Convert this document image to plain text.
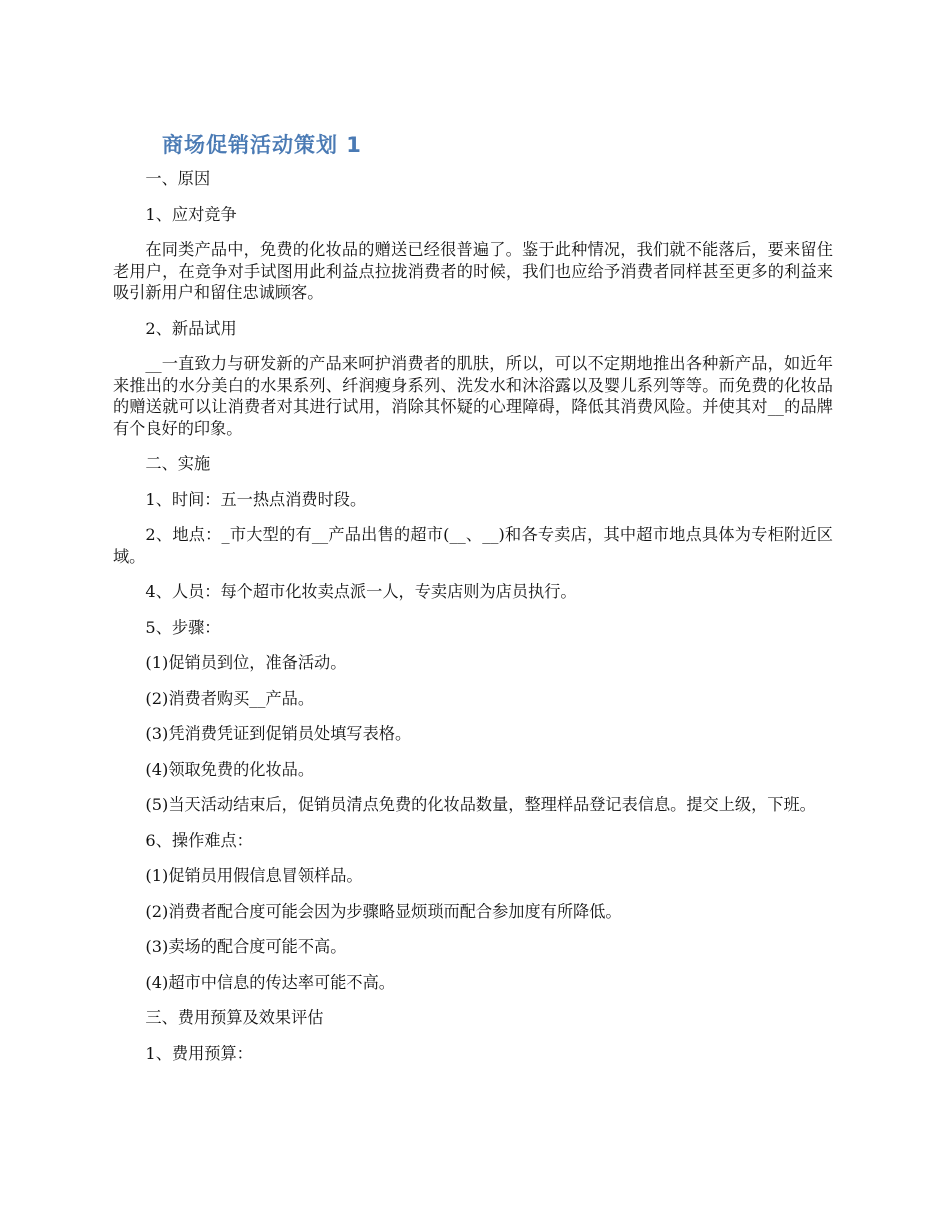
商场促销活动策划 1

一、原因

1、应对竞争

在同类产品中，免费的化妆品的赠送已经很普遍了。鉴于此种情况，我们就不能落后，要来留住老用户，在竞争对手试图用此利益点拉拢消费者的时候，我们也应给予消费者同样甚至更多的利益来吸引新用户和留住忠诚顾客。

2、新品试用

__一直致力与研发新的产品来呵护消费者的肌肤，所以，可以不定期地推出各种新产品，如近年来推出的水分美白的水果系列、纤润瘦身系列、洗发水和沐浴露以及婴儿系列等等。而免费的化妆品的赠送就可以让消费者对其进行试用，消除其怀疑的心理障碍，降低其消费风险。并使其对__的品牌有个良好的印象。

二、实施

1、时间：五一热点消费时段。

2、地点：_市大型的有__产品出售的超市(__、__)和各专卖店，其中超市地点具体为专柜附近区域。

4、人员：每个超市化妆卖点派一人，专卖店则为店员执行。

5、步骤：

(1)促销员到位，准备活动。

(2)消费者购买__产品。

(3)凭消费凭证到促销员处填写表格。

(4)领取免费的化妆品。

(5)当天活动结束后，促销员清点免费的化妆品数量，整理样品登记表信息。提交上级，下班。

6、操作难点：

(1)促销员用假信息冒领样品。

(2)消费者配合度可能会因为步骤略显烦琐而配合参加度有所降低。

(3)卖场的配合度可能不高。

(4)超市中信息的传达率可能不高。

三、费用预算及效果评估

1、费用预算：
